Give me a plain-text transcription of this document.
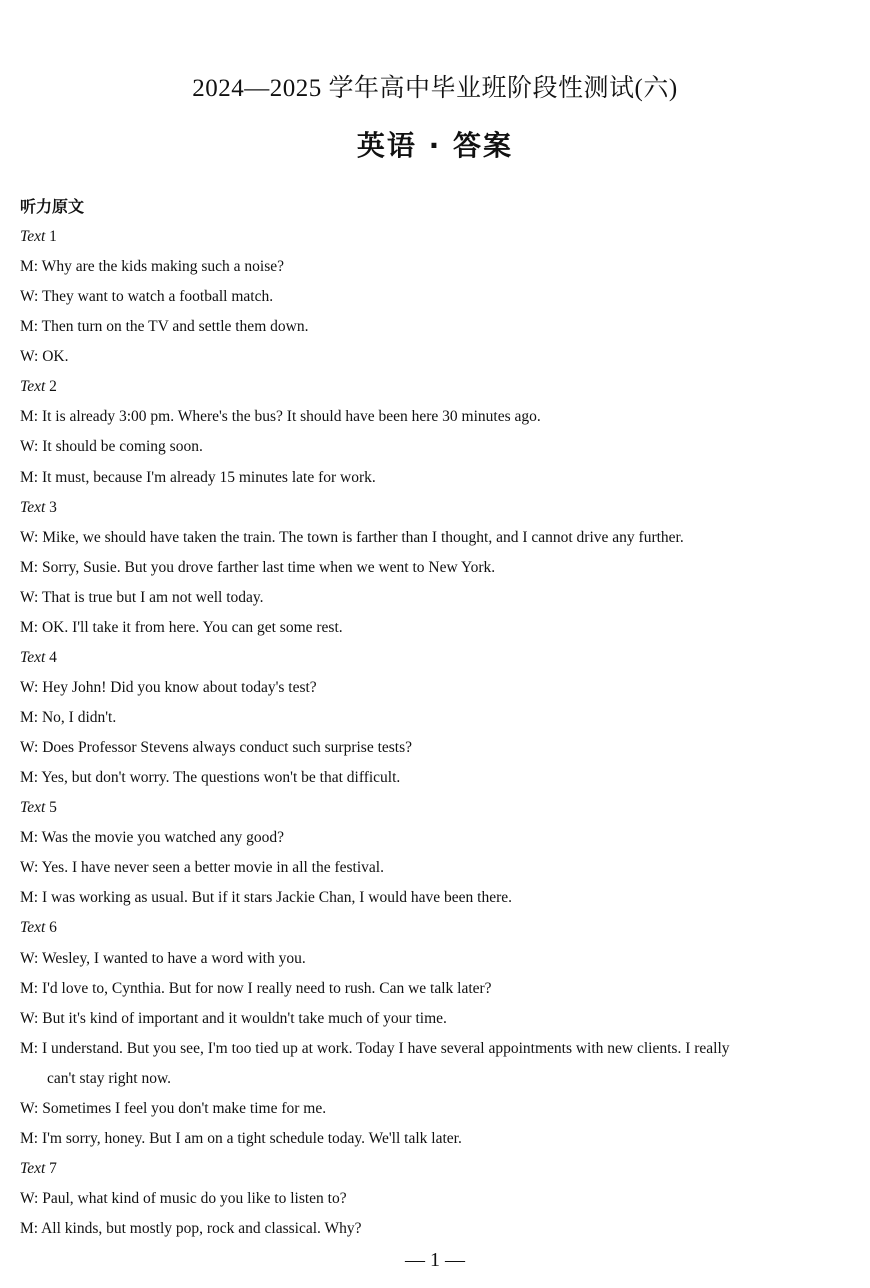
2024—2025 学年高中毕业班阶段性测试(六)
英语 · 答案
听力原文
Text 1
M: Why are the kids making such a noise?
W: They want to watch a football match.
M: Then turn on the TV and settle them down.
W: OK.
Text 2
M: It is already 3:00 pm. Where's the bus? It should have been here 30 minutes ago.
W: It should be coming soon.
M: It must, because I'm already 15 minutes late for work.
Text 3
W: Mike, we should have taken the train. The town is farther than I thought, and I cannot drive any further.
M: Sorry, Susie. But you drove farther last time when we went to New York.
W: That is true but I am not well today.
M: OK. I'll take it from here. You can get some rest.
Text 4
W: Hey John! Did you know about today's test?
M: No, I didn't.
W: Does Professor Stevens always conduct such surprise tests?
M: Yes, but don't worry. The questions won't be that difficult.
Text 5
M: Was the movie you watched any good?
W: Yes. I have never seen a better movie in all the festival.
M: I was working as usual. But if it stars Jackie Chan, I would have been there.
Text 6
W: Wesley, I wanted to have a word with you.
M: I'd love to, Cynthia. But for now I really need to rush. Can we talk later?
W: But it's kind of important and it wouldn't take much of your time.
M: I understand. But you see, I'm too tied up at work. Today I have several appointments with new clients. I really
can't stay right now.
W: Sometimes I feel you don't make time for me.
M: I'm sorry, honey. But I am on a tight schedule today. We'll talk later.
Text 7
W: Paul, what kind of music do you like to listen to?
M: All kinds, but mostly pop, rock and classical. Why?
— 1 —
